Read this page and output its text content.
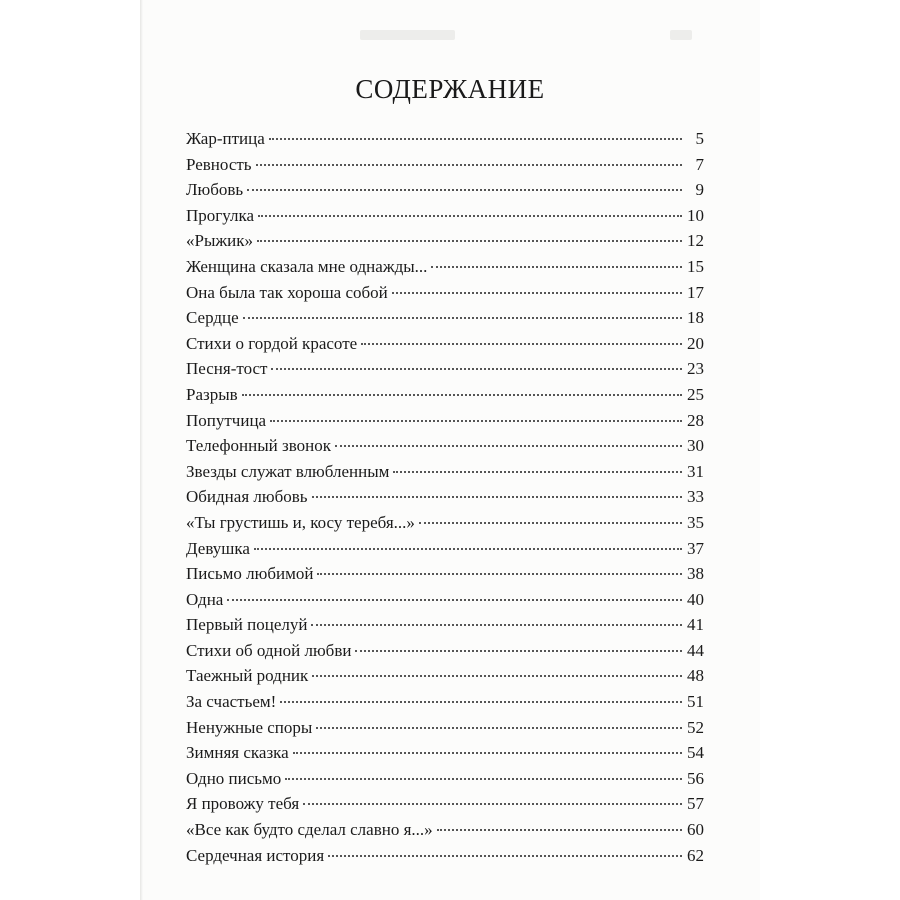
СОДЕРЖАНИЕ
Жар-птица	5
Ревность	7
Любовь	9
Прогулка	10
«Рыжик»	12
Женщина сказала мне однажды...	15
Она была так хороша собой	17
Сердце	18
Стихи о гордой красоте	20
Песня-тост	23
Разрыв	25
Попутчица	28
Телефонный звонок	30
Звезды служат влюбленным	31
Обидная любовь	33
«Ты грустишь и, косу теребя...»	35
Девушка	37
Письмо любимой	38
Одна	40
Первый поцелуй	41
Стихи об одной любви	44
Таежный родник	48
За счастьем!	51
Ненужные споры	52
Зимняя сказка	54
Одно письмо	56
Я провожу тебя	57
«Все как будто сделал славно я...»	60
Сердечная история	62
